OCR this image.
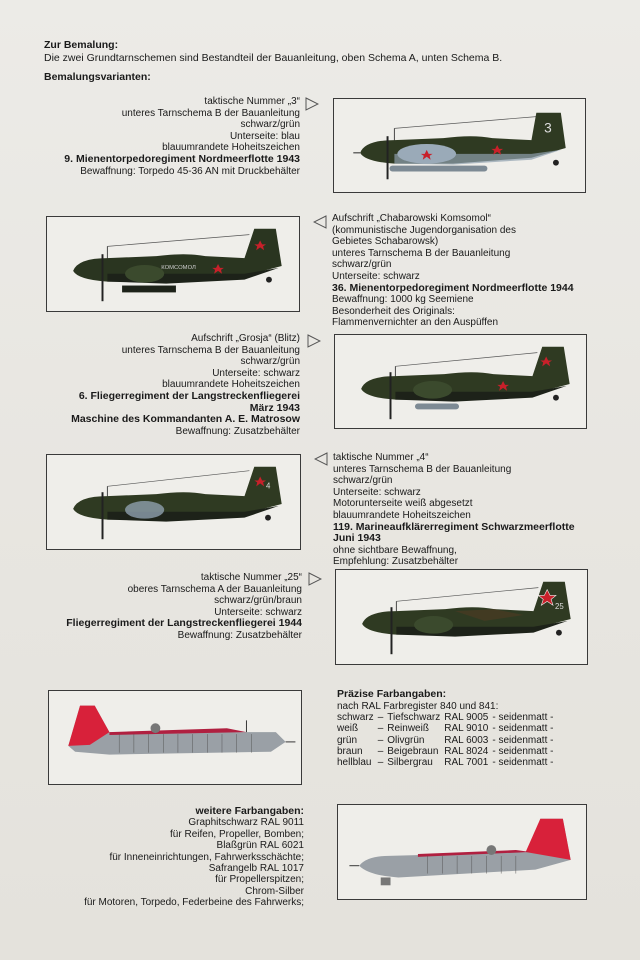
Zur Bemalung:
Die zwei Grundtarnschemen sind Bestandteil der Bauanleitung, oben Schema A, unten Schema B.
Bemalungsvarianten:
taktische Nummer „3“
unteres Tarnschema B der Bauanleitung
schwarz/grün
Unterseite: blau
blauumrandete Hoheitszeichen
9. Mienentorpedoregiment Nordmeerflotte 1943
Bewaffnung: Torpedo 45-36 AN mit Druckbehälter
3
КОМСОМОЛ
Aufschrift „Chabarowski Komsomol“
(kommunistische Jugendorganisation des
Gebietes Schabarowsk)
unteres Tarnschema B der Bauanleitung
schwarz/grün
Unterseite: schwarz
36. Mienentorpedoregiment Nordmeerflotte 1944
Bewaffnung: 1000 kg Seemiene
Besonderheit des Originals:
Flammenvernichter an den Auspüffen
Aufschrift „Grosja“ (Blitz)
unteres Tarnschema B der Bauanleitung
schwarz/grün
Unterseite: schwarz
blauumrandete Hoheitszeichen
6. Fliegerregiment der Langstreckenfliegerei
März 1943
Maschine des Kommandanten A. E. Matrosow
Bewaffnung: Zusatzbehälter
4
taktische Nummer „4“
unteres Tarnschema B der Bauanleitung
schwarz/grün
Unterseite: schwarz
Motorunterseite weiß abgesetzt
blauumrandete Hoheitszeichen
119. Marineaufklärerregiment Schwarzmeerflotte
Juni 1943
ohne sichtbare Bewaffnung,
Empfehlung: Zusatzbehälter
taktische Nummer „25“
oberes Tarnschema A der Bauanleitung
schwarz/grün/braun
Unterseite: schwarz
Fliegerregiment der Langstreckenfliegerei 1944
Bewaffnung: Zusatzbehälter
25
Präzise Farbangaben:
nach RAL Farbregister 840 und 841:
schwarz	–	Tiefschwarz	RAL 9005	- seidenmatt -
weiß	–	Reinweiß	RAL 9010	- seidenmatt -
grün	–	Olivgrün	RAL 6003	- seidenmatt -
braun	–	Beigebraun	RAL 8024	- seidenmatt -
hellblau	–	Silbergrau	RAL 7001	- seidenmatt -
weitere Farbangaben:
Graphitschwarz RAL 9011
für Reifen, Propeller, Bomben;
Blaßgrün RAL 6021
für Inneneinrichtungen, Fahrwerksschächte;
Safrangelb RAL 1017
für Propellerspitzen;
Chrom-Silber
für Motoren, Torpedo, Federbeine des Fahrwerks;
